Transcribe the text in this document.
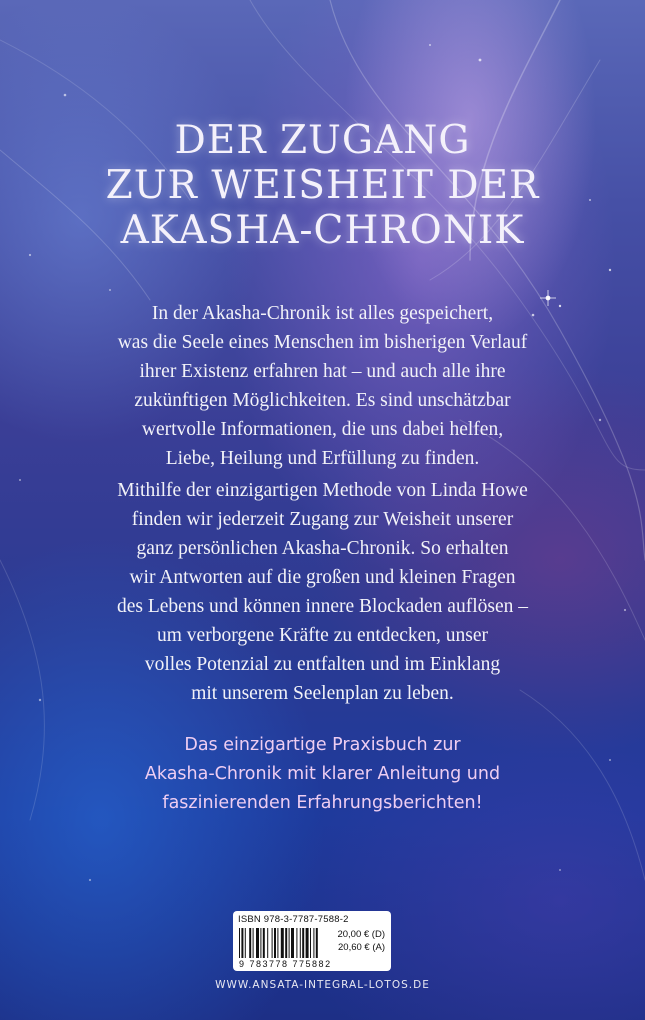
DER ZUGANG
ZUR WEISHEIT DER
AKASHA-CHRONIK

In der Akasha-Chronik ist alles gespeichert,
was die Seele eines Menschen im bisherigen Verlauf
ihrer Existenz erfahren hat – und auch alle ihre
zukünftigen Möglichkeiten. Es sind unschätzbar
wertvolle Informationen, die uns dabei helfen,
Liebe, Heilung und Erfüllung zu finden.

Mithilfe der einzigartigen Methode von Linda Howe
finden wir jederzeit Zugang zur Weisheit unserer
ganz persönlichen Akasha-Chronik. So erhalten
wir Antworten auf die großen und kleinen Fragen
des Lebens und können innere Blockaden auflösen –
um verborgene Kräfte zu entdecken, unser
volles Potenzial zu entfalten und im Einklang
mit unserem Seelenplan zu leben.

Das einzigartige Praxisbuch zur
Akasha-Chronik mit klarer Anleitung und
faszinierenden Erfahrungsberichten!

ISBN 978-3-7787-7588-2
9 783778 775882
20,00 € (D)
20,60 € (A)

WWW.ANSATA-INTEGRAL-LOTOS.DE
